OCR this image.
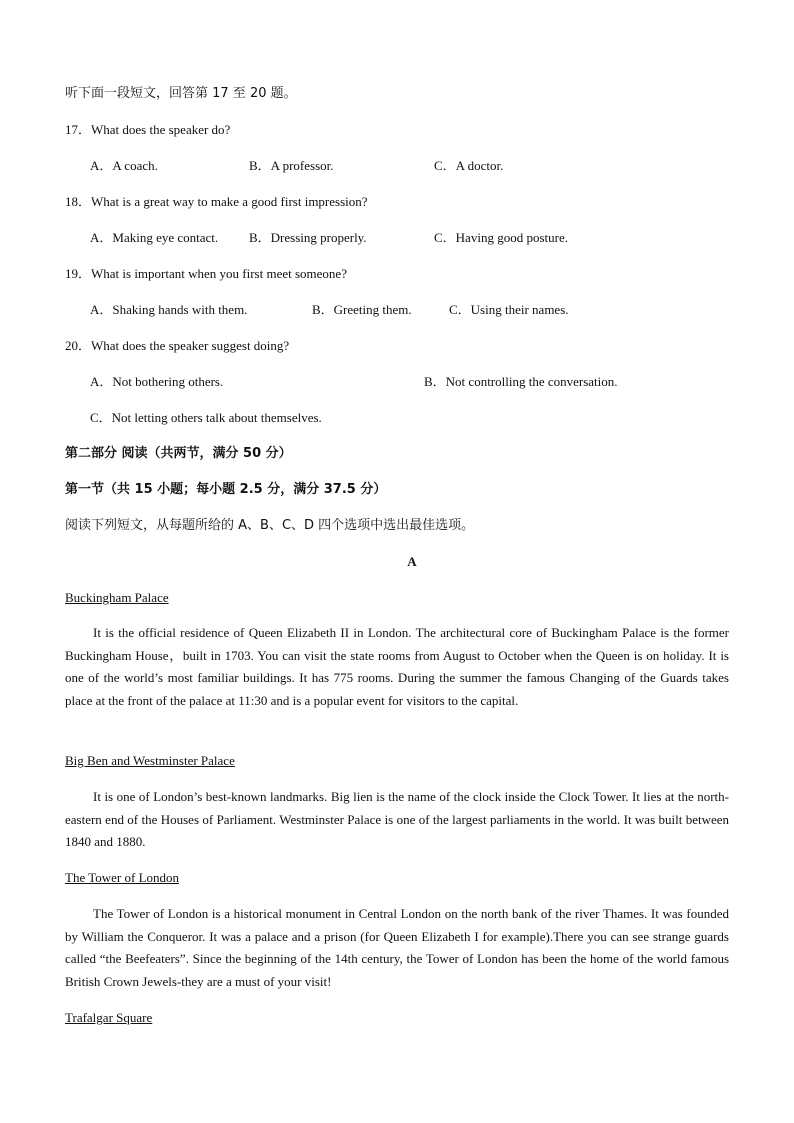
听下面一段短文，回答第 17 至 20 题。
17．What does the speaker do?
A．A coach.	B．A professor.	C．A doctor.
18．What is a great way to make a good first impression?
A．Making eye contact. B．Dressing properly.	C．Having good posture.
19．What is important when you first meet someone?
A．Shaking hands with them.	B．Greeting them.	C．Using their names.
20．What does the speaker suggest doing?
A．Not bothering others.	B．Not controlling the conversation.
C．Not letting others talk about themselves.
第二部分 阅读（共两节，满分 50 分）
第一节（共 15 小题；每小题 2.5 分，满分 37.5 分）
阅读下列短文，从每题所给的 A、B、C、D 四个选项中选出最佳选项。
A
Buckingham Palace
It is the official residence of Queen Elizabeth II in London. The architectural core of Buckingham Palace is the former Buckingham House，built in 1703. You can visit the state rooms from August to October when the Queen is on holiday. It is one of the world’s most familiar buildings. It has 775 rooms. During the summer the famous Changing of the Guards takes place at the front of the palace at 11:30 and is a popular event for visitors to the capital.
Big Ben and Westminster Palace
It is one of London’s best-known landmarks. Big lien is the name of the clock inside the Clock Tower. It lies at the north-eastern end of the Houses of Parliament. Westminster Palace is one of the largest parliaments in the world. It was built between 1840 and 1880.
The Tower of London
The Tower of London is a historical monument in Central London on the north bank of the river Thames. It was founded by William the Conqueror. It was a palace and a prison (for Queen Elizabeth I for example).There you can see strange guards called “the Beefeaters”. Since the beginning of the 14th century, the Tower of London has been the home of the world famous British Crown Jewels-they are a must of your visit!
Trafalgar Square
